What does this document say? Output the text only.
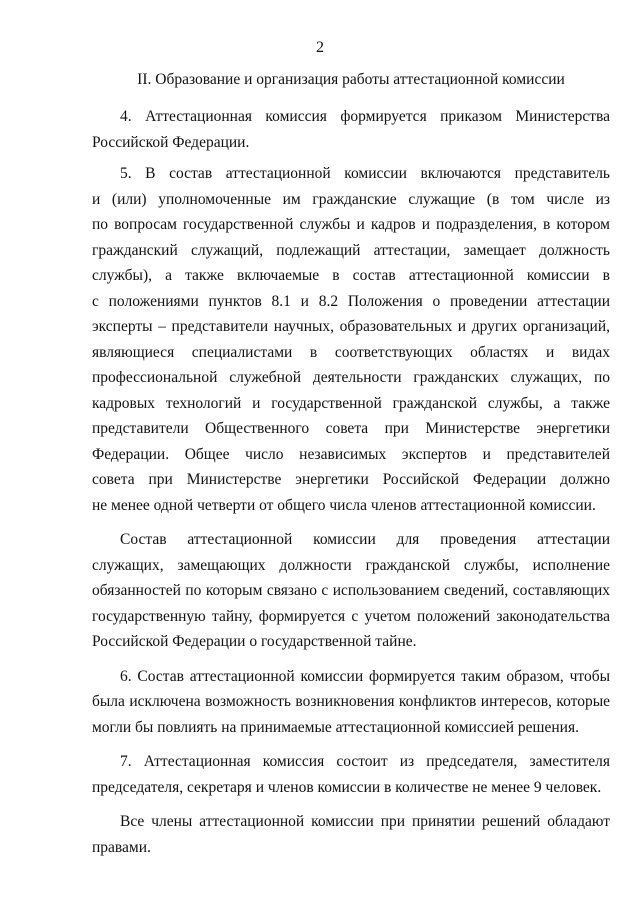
2
II. Образование и организация работы аттестационной комиссии
4. Аттестационная комиссия формируется приказом Министерства
Российской Федерации.
5. В состав аттестационной комиссии включаются представитель
и (или) уполномоченные им гражданские служащие (в том числе из
по вопросам государственной службы и кадров и подразделения, в котором
гражданский служащий, подлежащий аттестации, замещает должность
службы), а также включаемые в состав аттестационной комиссии в
с положениями пунктов 8.1 и 8.2 Положения о проведении аттестации
эксперты – представители научных, образовательных и других организаций,
являющиеся специалистами в соответствующих областях и видах
профессиональной служебной деятельности гражданских служащих, по
кадровых технологий и государственной гражданской службы, а также
представители Общественного совета при Министерстве энергетики
Федерации. Общее число независимых экспертов и представителей
совета при Министерстве энергетики Российской Федерации должно
не менее одной четверти от общего числа членов аттестационной комиссии.
Состав аттестационной комиссии для проведения аттестации
служащих, замещающих должности гражданской службы, исполнение
обязанностей по которым связано с использованием сведений, составляющих
государственную тайну, формируется с учетом положений законодательства
Российской Федерации о государственной тайне.
6. Состав аттестационной комиссии формируется таким образом, чтобы
была исключена возможность возникновения конфликтов интересов, которые
могли бы повлиять на принимаемые аттестационной комиссией решения.
7. Аттестационная комиссия состоит из председателя, заместителя
председателя, секретаря и членов комиссии в количестве не менее 9 человек.
Все члены аттестационной комиссии при принятии решений обладают
правами.
